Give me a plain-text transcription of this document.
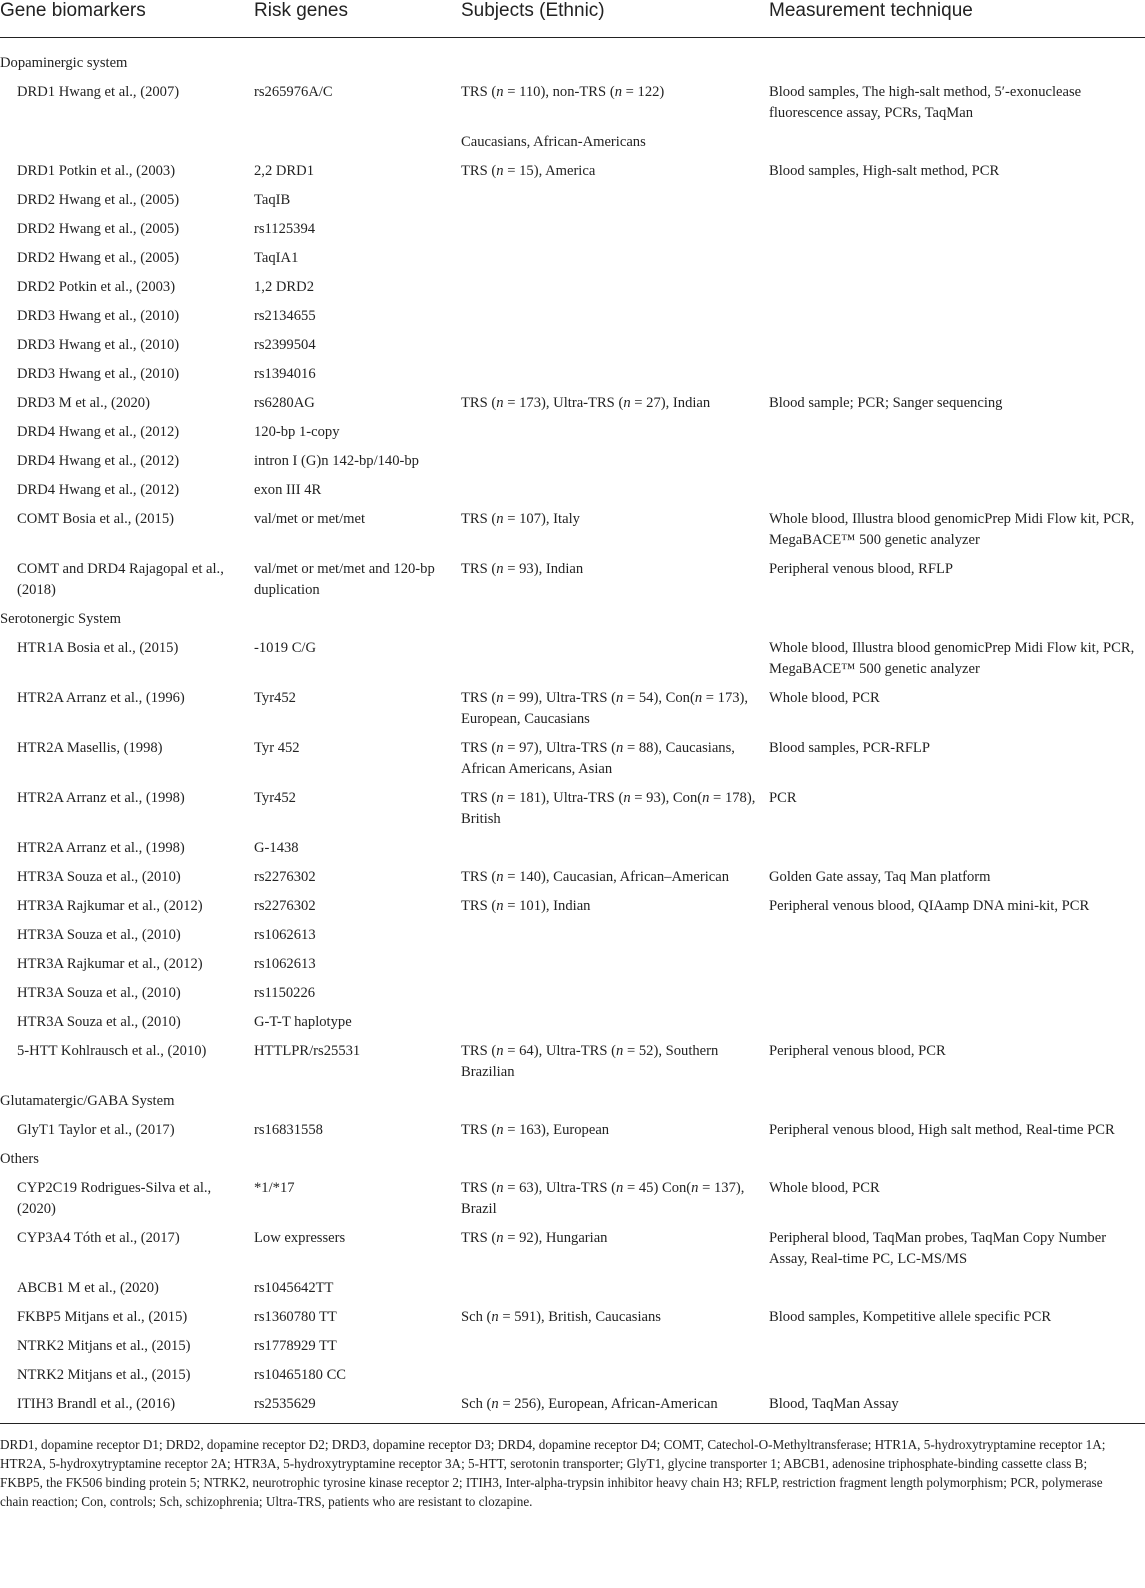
Gene biomarkers	Risk genes	Subjects (Ethnic)	Measurement technique
Dopaminergic system			
DRD1 Hwang et al., (2007)	rs265976A/C	TRS (n = 110), non-TRS (n = 122)	Blood samples, The high-salt method, 5′-exonuclease fluorescence assay, PCRs, TaqMan
		Caucasians, African-Americans	
DRD1 Potkin et al., (2003)	2,2 DRD1	TRS (n = 15), America	Blood samples, High-salt method, PCR
DRD2 Hwang et al., (2005)	TaqIB		
DRD2 Hwang et al., (2005)	rs1125394		
DRD2 Hwang et al., (2005)	TaqIA1		
DRD2 Potkin et al., (2003)	1,2 DRD2		
DRD3 Hwang et al., (2010)	rs2134655		
DRD3 Hwang et al., (2010)	rs2399504		
DRD3 Hwang et al., (2010)	rs1394016		
DRD3 M et al., (2020)	rs6280AG	TRS (n = 173), Ultra-TRS (n = 27), Indian	Blood sample; PCR; Sanger sequencing
DRD4 Hwang et al., (2012)	120-bp 1-copy		
DRD4 Hwang et al., (2012)	intron I (G)n 142-bp/140-bp		
DRD4 Hwang et al., (2012)	exon III 4R		
COMT Bosia et al., (2015)	val/met or met/met	TRS (n = 107), Italy	Whole blood, Illustra blood genomicPrep Midi Flow kit, PCR, MegaBACE™ 500 genetic analyzer
COMT and DRD4 Rajagopal et al., (2018)	val/met or met/met and 120-bp duplication	TRS (n = 93), Indian	Peripheral venous blood, RFLP
Serotonergic System			
HTR1A Bosia et al., (2015)	-1019 C/G		Whole blood, Illustra blood genomicPrep Midi Flow kit, PCR, MegaBACE™ 500 genetic analyzer
HTR2A Arranz et al., (1996)	Tyr452	TRS (n = 99), Ultra-TRS (n = 54), Con(n = 173), European, Caucasians	Whole blood, PCR
HTR2A Masellis, (1998)	Tyr 452	TRS (n = 97), Ultra-TRS (n = 88), Caucasians, African Americans, Asian	Blood samples, PCR-RFLP
HTR2A Arranz et al., (1998)	Tyr452	TRS (n = 181), Ultra-TRS (n = 93), Con(n = 178), British	PCR
HTR2A Arranz et al., (1998)	G-1438		
HTR3A Souza et al., (2010)	rs2276302	TRS (n = 140), Caucasian, African–American	Golden Gate assay, Taq Man platform
HTR3A Rajkumar et al., (2012)	rs2276302	TRS (n = 101), Indian	Peripheral venous blood, QIAamp DNA mini-kit, PCR
HTR3A Souza et al., (2010)	rs1062613		
HTR3A Rajkumar et al., (2012)	rs1062613		
HTR3A Souza et al., (2010)	rs1150226		
HTR3A Souza et al., (2010)	G-T-T haplotype		
5-HTT Kohlrausch et al., (2010)	HTTLPR/rs25531	TRS (n = 64), Ultra-TRS (n = 52), Southern Brazilian	Peripheral venous blood, PCR
Glutamatergic/GABA System			
GlyT1 Taylor et al., (2017)	rs16831558	TRS (n = 163), European	Peripheral venous blood, High salt method, Real-time PCR
Others			
CYP2C19 Rodrigues-Silva et al., (2020)	*1/*17	TRS (n = 63), Ultra-TRS (n = 45) Con(n = 137), Brazil	Whole blood, PCR
CYP3A4 Tóth et al., (2017)	Low expressers	TRS (n = 92), Hungarian	Peripheral blood, TaqMan probes, TaqMan Copy Number Assay, Real-time PC, LC-MS/MS
ABCB1 M et al., (2020)	rs1045642TT		
FKBP5 Mitjans et al., (2015)	rs1360780 TT	Sch (n = 591), British, Caucasians	Blood samples, Kompetitive allele specific PCR
NTRK2 Mitjans et al., (2015)	rs1778929 TT		
NTRK2 Mitjans et al., (2015)	rs10465180 CC		
ITIH3 Brandl et al., (2016)	rs2535629	Sch (n = 256), European, African-American	Blood, TaqMan Assay
DRD1, dopamine receptor D1; DRD2, dopamine receptor D2; DRD3, dopamine receptor D3; DRD4, dopamine receptor D4; COMT, Catechol-O-Methyltransferase; HTR1A, 5-hydroxytryptamine receptor 1A; HTR2A, 5-hydroxytryptamine receptor 2A; HTR3A, 5-hydroxytryptamine receptor 3A; 5-HTT, serotonin transporter; GlyT1, glycine transporter 1; ABCB1, adenosine triphosphate-binding cassette class B; FKBP5, the FK506 binding protein 5; NTRK2, neurotrophic tyrosine kinase receptor 2; ITIH3, Inter-alpha-trypsin inhibitor heavy chain H3; RFLP, restriction fragment length polymorphism; PCR, polymerase chain reaction; Con, controls; Sch, schizophrenia; Ultra-TRS, patients who are resistant to clozapine.
